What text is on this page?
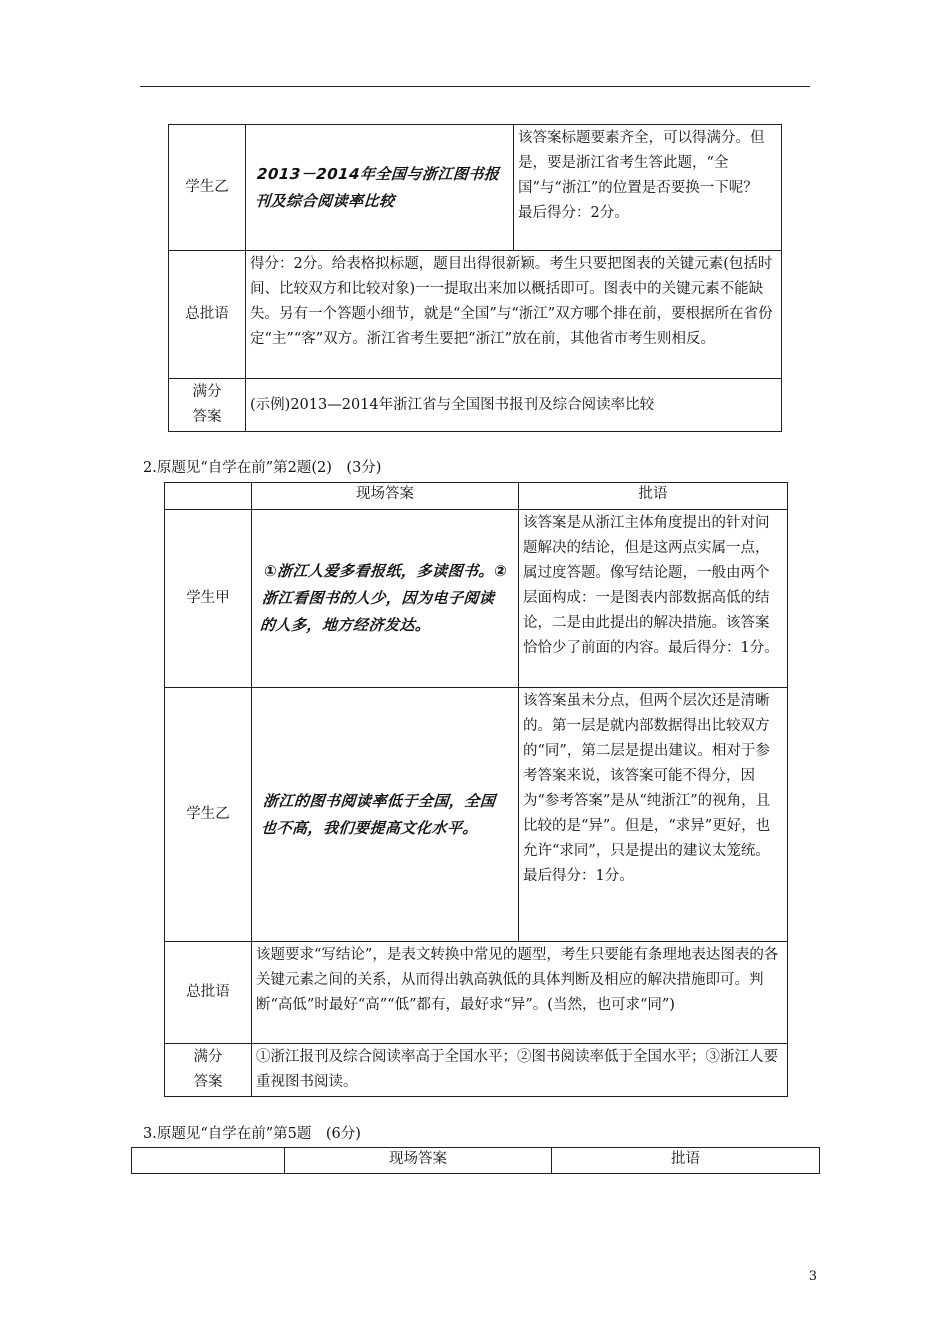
学生乙	2013－2014年全国与浙江图书报刊及综合阅读率比较	该答案标题要素齐全，可以得满分。但是，要是浙江省考生答此题，“全国”与“浙江”的位置是否要换一下呢？

最后得分：2分。

总批语	得分：2分。给表格拟标题，题目出得很新颖。考生只要把图表的关键元素(包括时间、比较双方和比较对象)一一提取出来加以概括即可。图表中的关键元素不能缺失。另有一个答题小细节，就是“全国”与“浙江”双方哪个排在前，要根据所在省份定“主”“客”双方。浙江省考生要把“浙江”放在前，其他省市考生则相反。	

满分
答案	(示例)2013—2014年浙江省与全国图书报刊及综合阅读率比较	
2.原题见“自学在前”第2题(2)　(3分)
	现场答案	批语
学生甲	①浙江人爱多看报纸，多读图书。②浙江看图书的人少，因为电子阅读的人多，地方经济发达。	该答案是从浙江主体角度提出的针对问题解决的结论，但是这两点实属一点，属过度答题。像写结论题，一般由两个层面构成：一是图表内部数据高低的结论，二是由此提出的解决措施。该答案恰恰少了前面的内容。最后得分：1分。
学生乙	浙江的图书阅读率低于全国，全国也不高，我们要提高文化水平。	该答案虽未分点，但两个层次还是清晰的。第一层是就内部数据得出比较双方的“同”，第二层是提出建议。相对于参考答案来说，该答案可能不得分，因为“参考答案”是从“纯浙江”的视角，且比较的是“异”。但是，“求异”更好，也允许“求同”，只是提出的建议太笼统。

最后得分：1分。

总批语	该题要求“写结论”，是表文转换中常见的题型，考生只要能有条理地表达图表的各关键元素之间的关系，从而得出孰高孰低的具体判断及相应的解决措施即可。判断“高低”时最好“高”“低”都有，最好求“异”。(当然，也可求“同”)	

满分
答案	①浙江报刊及综合阅读率高于全国水平；②图书阅读率低于全国水平；③浙江人要重视图书阅读。	
3.原题见“自学在前”第5题　(6分)
	现场答案	批语
3
